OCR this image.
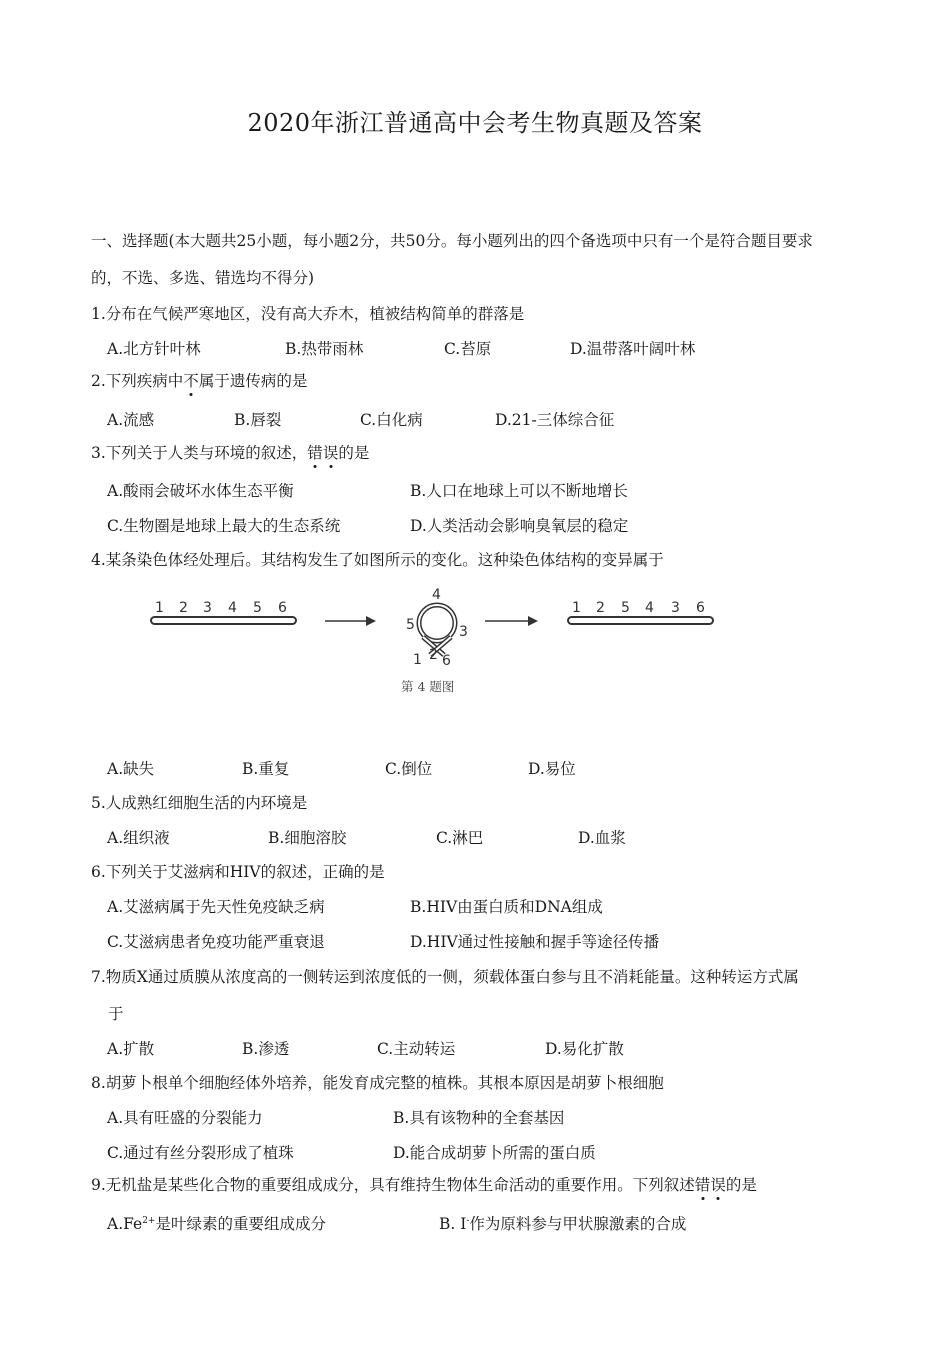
2020年浙江普通高中会考生物真题及答案
一、选择题(本大题共25小题，每小题2分，共50分。每小题列出的四个备选项中只有一个是符合题目要求
的，不选、多选、错选均不得分)
1.分布在气候严寒地区，没有高大乔木，植被结构简单的群落是
A.北方针叶林	B.热带雨林	C.苔原	D.温带落叶阔叶林
2.下列疾病中不属于遗传病的是
A.流感	B.唇裂	C.白化病	D.21-三体综合征
3.下列关于人类与环境的叙述，错误的是
A.酸雨会破坏水体生态平衡	B.人口在地球上可以不断地增长
C.生物圈是地球上最大的生态系统	D.人类活动会影响臭氧层的稳定
4.某条染色体经处理后。其结构发生了如图所示的变化。这种染色体结构的变异属于
1 2 3 4 5 6
4
5	3
1 2 6
1 2 5 4 3 6
第 4 题图
A.缺失	B.重复	C.倒位	D.易位
5.人成熟红细胞生活的内环境是
A.组织液	B.细胞溶胶	C.淋巴	D.血浆
6.下列关于艾滋病和HIV的叙述，正确的是
A.艾滋病属于先天性免疫缺乏病	B.HIV由蛋白质和DNA组成
C.艾滋病患者免疫功能严重衰退	D.HIV通过性接触和握手等途径传播
7.物质X通过质膜从浓度高的一侧转运到浓度低的一侧，须载体蛋白参与且不消耗能量。这种转运方式属
于
A.扩散	B.渗透	C.主动转运	D.易化扩散
8.胡萝卜根单个细胞经体外培养，能发育成完整的植株。其根本原因是胡萝卜根细胞
A.具有旺盛的分裂能力	B.具有该物种的全套基因
C.通过有丝分裂形成了植珠	D.能合成胡萝卜所需的蛋白质
9.无机盐是某些化合物的重要组成成分，具有维持生物体生命活动的重要作用。下列叙述错误的是
$A.Fe^{2+}$是叶绿素的重要组成成分	B. I-作为原料参与甲状腺激素的合成
